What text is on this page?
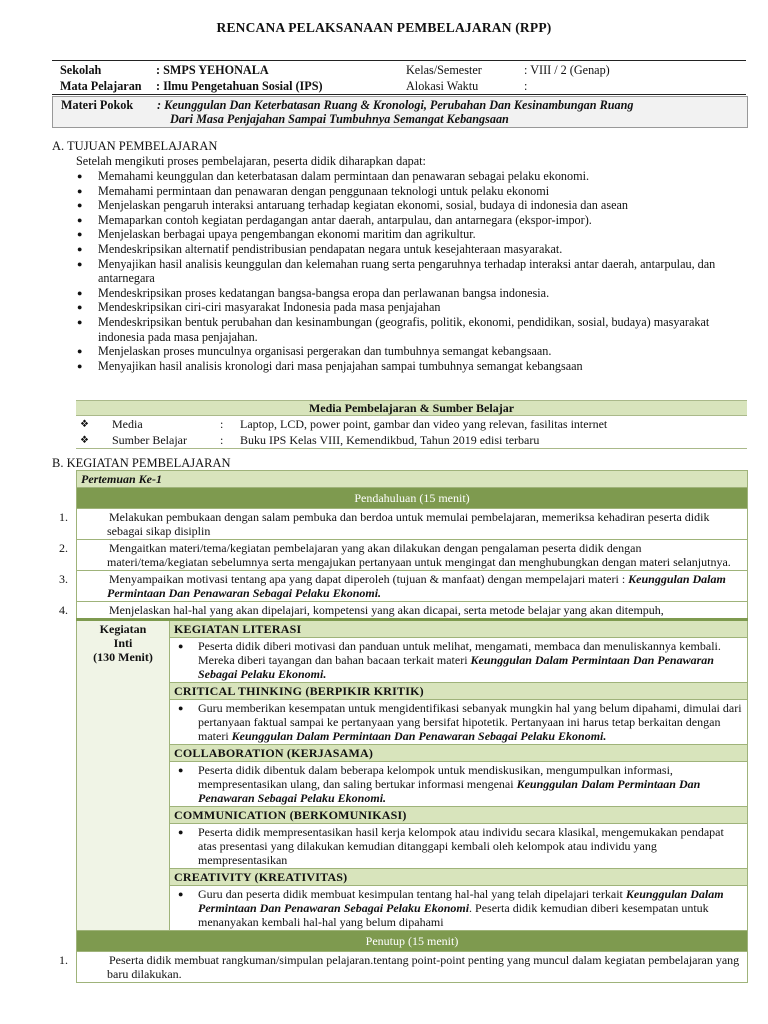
RENCANA PELAKSANAAN PEMBELAJARAN (RPP)
Sekolah	: SMPS YEHONALA	Kelas/Semester	: VIII / 2 (Genap)
Mata Pelajaran : Ilmu Pengetahuan Sosial (IPS)	Alokasi Waktu	:
Materi Pokok : Keunggulan Dan Keterbatasan Ruang & Kronologi, Perubahan Dan Kesinambungan Ruang
Dari Masa Penjajahan Sampai Tumbuhnya Semangat Kebangsaan
A. TUJUAN PEMBELAJARAN
Setelah mengikuti proses pembelajaran, peserta didik diharapkan dapat:
● Memahami keunggulan dan keterbatasan dalam permintaan dan penawaran sebagai pelaku ekonomi.
● Memahami permintaan dan penawaran dengan penggunaan teknologi untuk pelaku ekonomi
● Menjelaskan pengaruh interaksi antaruang terhadap kegiatan ekonomi, sosial, budaya di indonesia dan asean
● Memaparkan contoh kegiatan perdagangan antar daerah, antarpulau, dan antarnegara (ekspor-impor).
● Menjelaskan berbagai upaya pengembangan ekonomi maritim dan agrikultur.
● Mendeskripsikan alternatif pendistribusian pendapatan negara untuk kesejahteraan masyarakat.
● Menyajikan hasil analisis keunggulan dan kelemahan ruang serta pengaruhnya terhadap interaksi antar daerah, antarpulau, dan antarnegara
● Mendeskripsikan proses kedatangan bangsa-bangsa eropa dan perlawanan bangsa indonesia.
● Mendeskripsikan ciri-ciri masyarakat Indonesia pada masa penjajahan
● Mendeskripsikan bentuk perubahan dan kesinambungan (geografis, politik, ekonomi, pendidikan, sosial, budaya) masyarakat indonesia pada masa penjajahan.
● Menjelaskan proses munculnya organisasi pergerakan dan tumbuhnya semangat kebangsaan.
● Menyajikan hasil analisis kronologi dari masa penjajahan sampai tumbuhnya semangat kebangsaan
Media Pembelajaran & Sumber Belajar			
❖	Media	:	Laptop, LCD, power point, gambar dan video yang relevan, fasilitas internet
❖	Sumber Belajar	:	Buku IPS Kelas VIII, Kemendikbud, Tahun 2019 edisi terbaru
B. KEGIATAN PEMBELAJARAN
Pertemuan Ke-1
Pendahuluan (15 menit)
1.	Melakukan pembukaan dengan salam pembuka dan berdoa untuk memulai pembelajaran, memeriksa kehadiran peserta didik sebagai sikap disiplin
2.	Mengaitkan materi/tema/kegiatan pembelajaran yang akan dilakukan dengan pengalaman peserta didik dengan materi/tema/kegiatan sebelumnya serta mengajukan pertanyaan untuk mengingat dan menghubungkan dengan materi selanjutnya.
3.	Menyampaikan motivasi tentang apa yang dapat diperoleh (tujuan & manfaat) dengan mempelajari materi : Keunggulan Dalam Permintaan Dan Penawaran Sebagai Pelaku Ekonomi.
4.	Menjelaskan hal-hal yang akan dipelajari, kompetensi yang akan dicapai, serta metode belajar yang akan ditempuh,

Kegiatan
Inti
(130 Menit)
	KEGIATAN LITERASI

● Peserta didik diberi motivasi dan panduan untuk melihat, mengamati, membaca dan menuliskannya kembali. Mereka diberi tayangan dan bahan bacaan terkait materi Keunggulan Dalam Permintaan Dan Penawaran Sebagai Pelaku Ekonomi.

CRITICAL THINKING (BERPIKIR KRITIK)

● Guru memberikan kesempatan untuk mengidentifikasi sebanyak mungkin hal yang belum dipahami, dimulai dari pertanyaan faktual sampai ke pertanyaan yang bersifat hipotetik. Pertanyaan ini harus tetap berkaitan dengan materi Keunggulan Dalam Permintaan Dan Penawaran Sebagai Pelaku Ekonomi.

COLLABORATION (KERJASAMA)

● Peserta didik dibentuk dalam beberapa kelompok untuk mendiskusikan, mengumpulkan informasi, mempresentasikan ulang, dan saling bertukar informasi mengenai Keunggulan Dalam Permintaan Dan Penawaran Sebagai Pelaku Ekonomi.

COMMUNICATION (BERKOMUNIKASI)

● Peserta didik mempresentasikan hasil kerja kelompok atau individu secara klasikal, mengemukakan pendapat atas presentasi yang dilakukan kemudian ditanggapi kembali oleh kelompok atau individu yang mempresentasikan

CREATIVITY (KREATIVITAS)

● Guru dan peserta didik membuat kesimpulan tentang hal-hal yang telah dipelajari terkait Keunggulan Dalam Permintaan Dan Penawaran Sebagai Pelaku Ekonomi. Peserta didik kemudian diberi kesempatan untuk menanyakan kembali hal-hal yang belum dipahami

Penutup (15 menit)
1.	Peserta didik membuat rangkuman/simpulan pelajaran.tentang point-point penting yang muncul dalam kegiatan pembelajaran yang baru dilakukan.
